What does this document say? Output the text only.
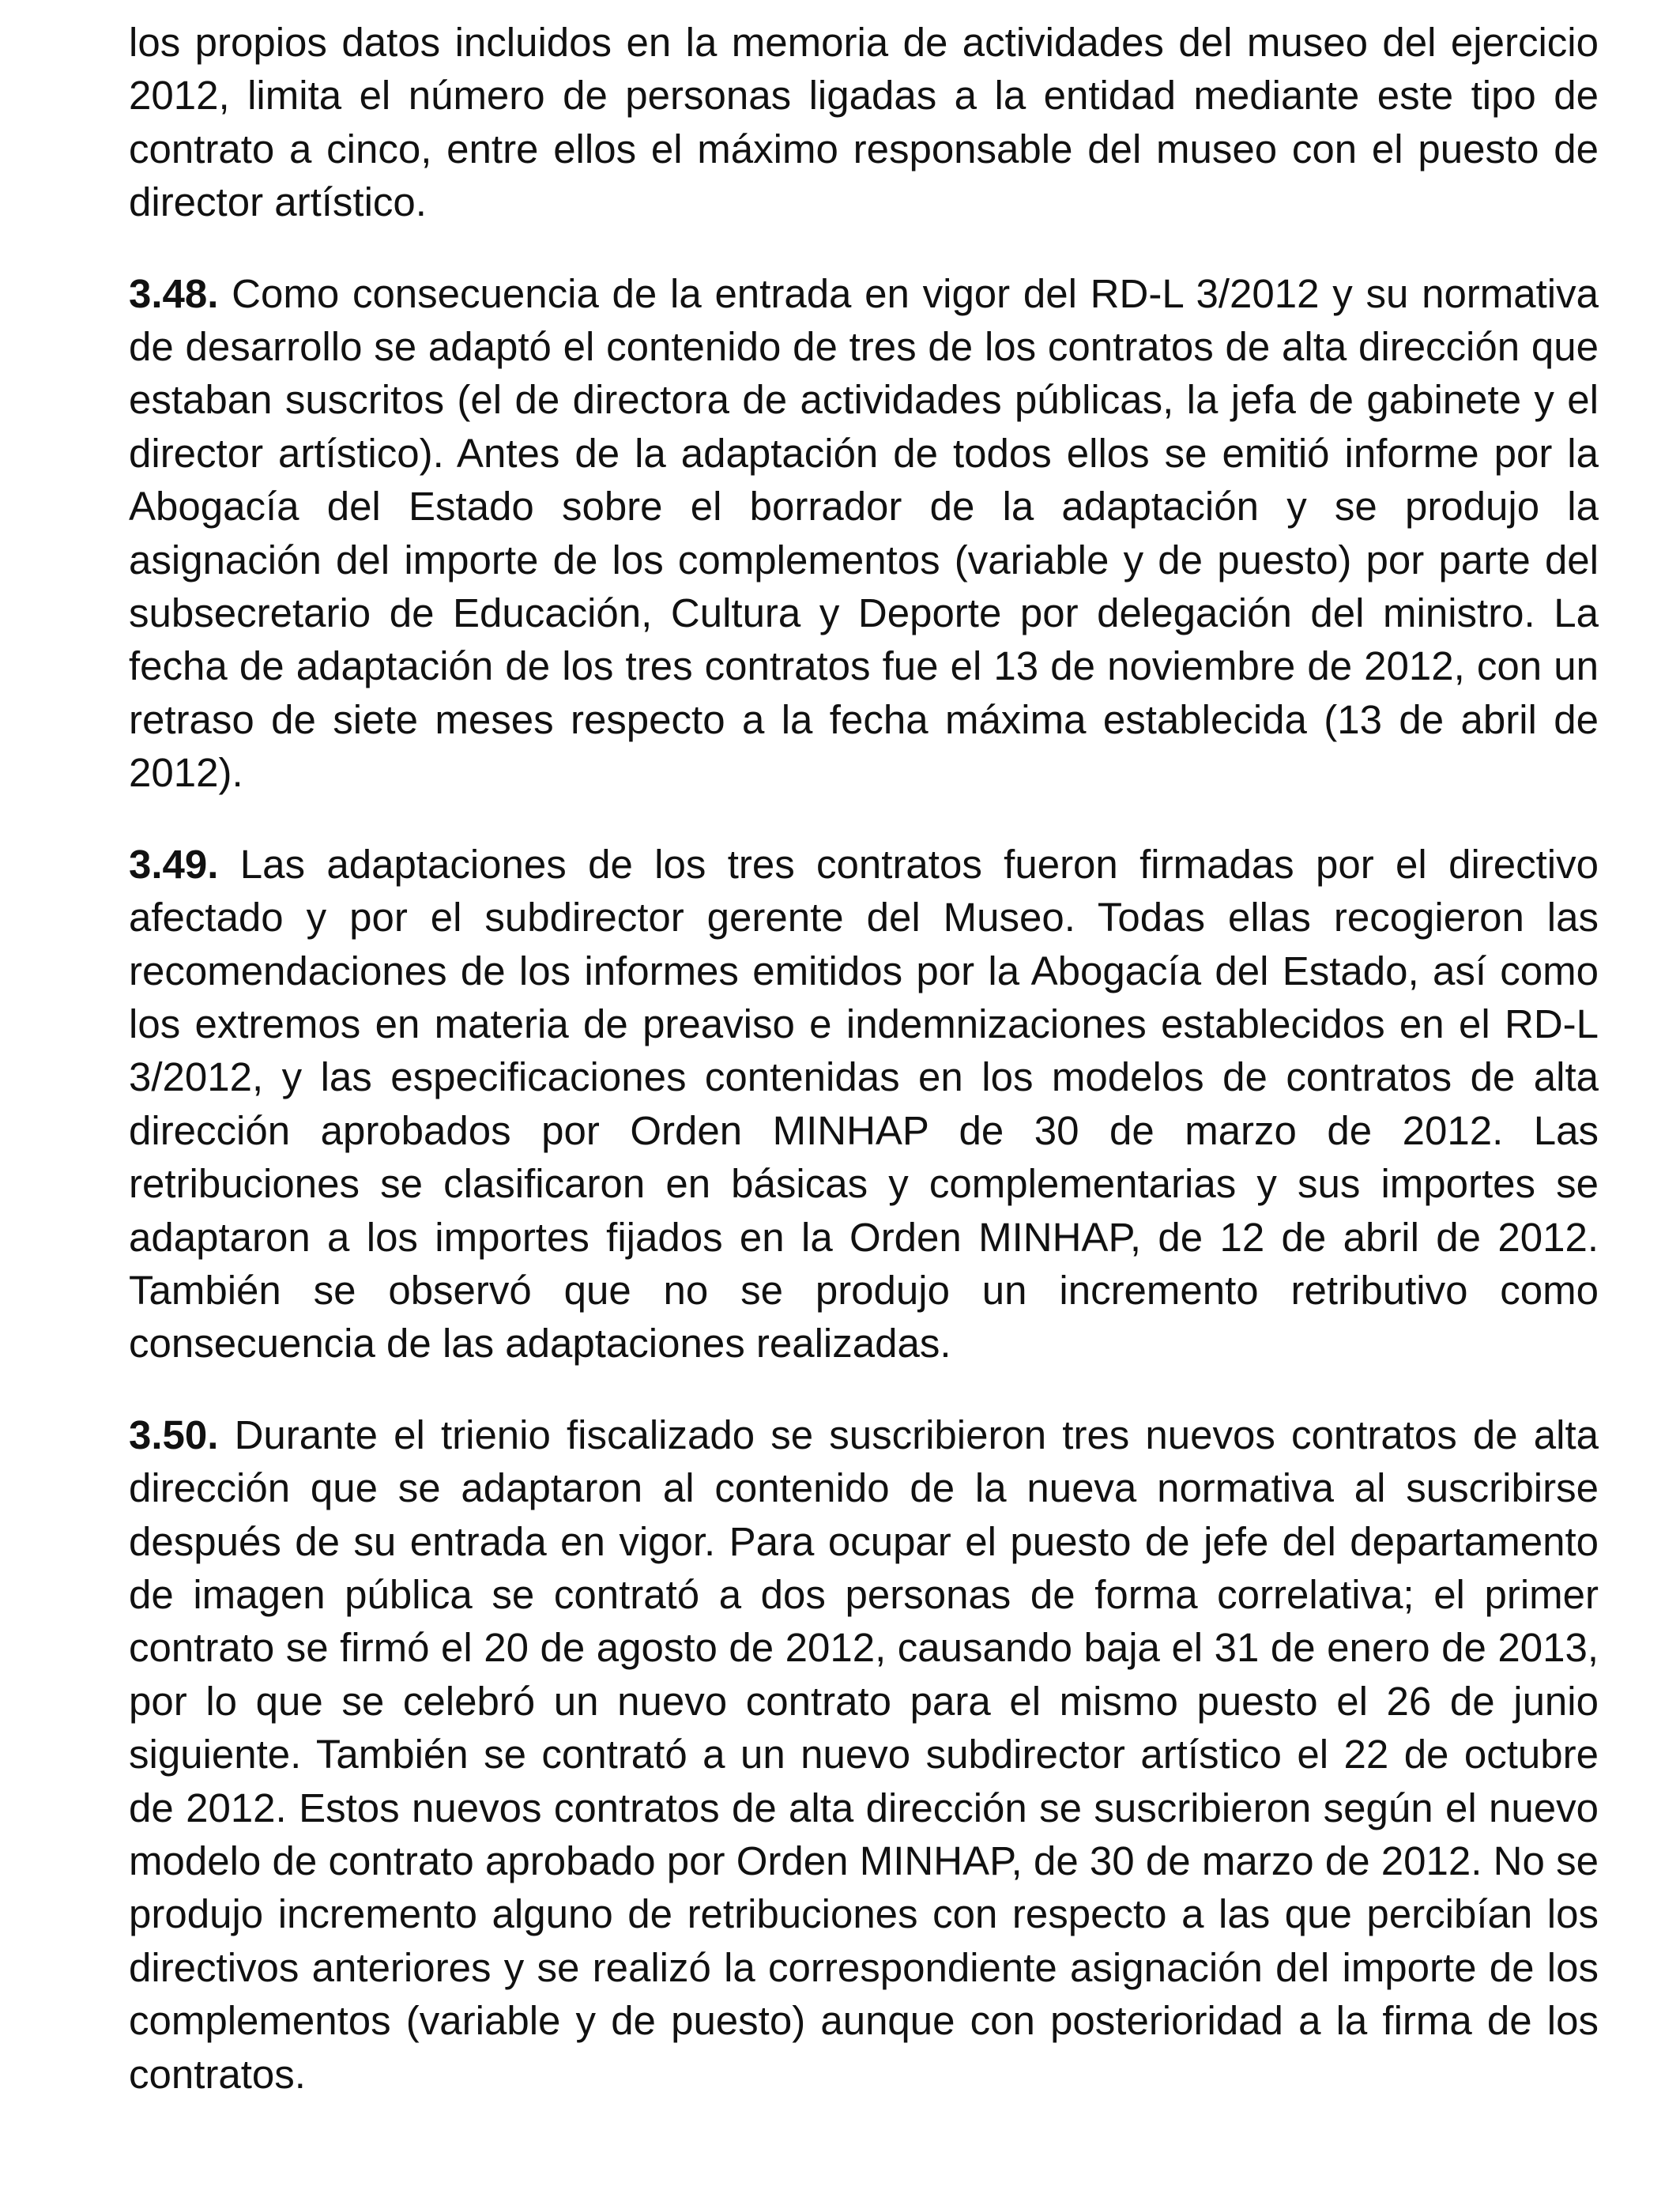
los propios datos incluidos en la memoria de actividades del museo del ejercicio 2012, limita el número de personas ligadas a la entidad mediante este tipo de contrato a cinco, entre ellos el máximo responsable del museo con el puesto de director artístico.

3.48. Como consecuencia de la entrada en vigor del RD-L 3/2012 y su normativa de desarrollo se adaptó el contenido de tres de los contratos de alta dirección que estaban suscritos (el de directora de actividades públicas, la jefa de gabinete y el director artístico). Antes de la adaptación de todos ellos se emitió informe por la Abogacía del Estado sobre el borrador de la adaptación y se produjo la asignación del importe de los complementos (variable y de puesto) por parte del subsecretario de Educación, Cultura y Deporte por delegación del ministro. La fecha de adaptación de los tres contratos fue el 13 de noviembre de 2012, con un retraso de siete meses respecto a la fecha máxima establecida (13 de abril de 2012).

3.49. Las adaptaciones de los tres contratos fueron firmadas por el directivo afectado y por el subdirector gerente del Museo. Todas ellas recogieron las recomendaciones de los informes emitidos por la Abogacía del Estado, así como los extremos en materia de preaviso e indemnizaciones establecidos en el RD-L 3/2012, y las especificaciones contenidas en los modelos de contratos de alta dirección aprobados por Orden MINHAP de 30 de marzo de 2012. Las retribuciones se clasificaron en básicas y complementarias y sus importes se adaptaron a los importes fijados en la Orden MINHAP, de 12 de abril de 2012. También se observó que no se produjo un incremento retributivo como consecuencia de las adaptaciones realizadas.

3.50. Durante el trienio fiscalizado se suscribieron tres nuevos contratos de alta dirección que se adaptaron al contenido de la nueva normativa al suscribirse después de su entrada en vigor. Para ocupar el puesto de jefe del departamento de imagen pública se contrató a dos personas de forma correlativa; el primer contrato se firmó el 20 de agosto de 2012, causando baja el 31 de enero de 2013, por lo que se celebró un nuevo contrato para el mismo puesto el 26 de junio siguiente. También se contrató a un nuevo subdirector artístico el 22 de octubre de 2012. Estos nuevos contratos de alta dirección se suscribieron según el nuevo modelo de contrato aprobado por Orden MINHAP, de 30 de marzo de 2012. No se produjo incremento alguno de retribuciones con respecto a las que percibían los directivos anteriores y se realizó la correspondiente asignación del importe de los complementos (variable y de puesto) aunque con posterioridad a la firma de los contratos.
